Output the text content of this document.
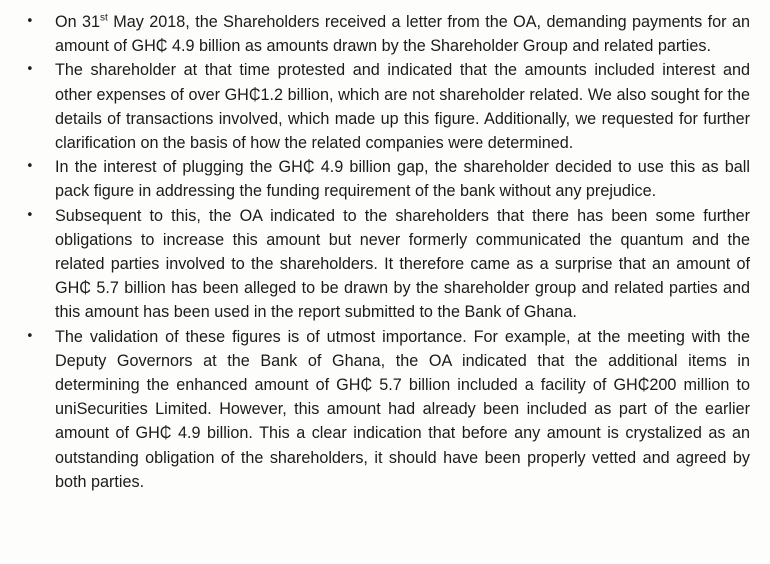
• On 31st May 2018, the Shareholders received a letter from the OA, demanding payments for an amount of GH₵ 4.9 billion as amounts drawn by the Shareholder Group and related parties.
• The shareholder at that time protested and indicated that the amounts included interest and other expenses of over GH₵1.2 billion, which are not shareholder related. We also sought for the details of transactions involved, which made up this figure. Additionally, we requested for further clarification on the basis of how the related companies were determined.
• In the interest of plugging the GH₵ 4.9 billion gap, the shareholder decided to use this as ball pack figure in addressing the funding requirement of the bank without any prejudice.
• Subsequent to this, the OA indicated to the shareholders that there has been some further obligations to increase this amount but never formerly communicated the quantum and the related parties involved to the shareholders. It therefore came as a surprise that an amount of GH₵ 5.7 billion has been alleged to be drawn by the shareholder group and related parties and this amount has been used in the report submitted to the Bank of Ghana.
• The validation of these figures is of utmost importance. For example, at the meeting with the Deputy Governors at the Bank of Ghana, the OA indicated that the additional items in determining the enhanced amount of GH₵ 5.7 billion included a facility of GH₵200 million to uniSecurities Limited. However, this amount had already been included as part of the earlier amount of GH₵ 4.9 billion. This a clear indication that before any amount is crystalized as an outstanding obligation of the shareholders, it should have been properly vetted and agreed by both parties.
